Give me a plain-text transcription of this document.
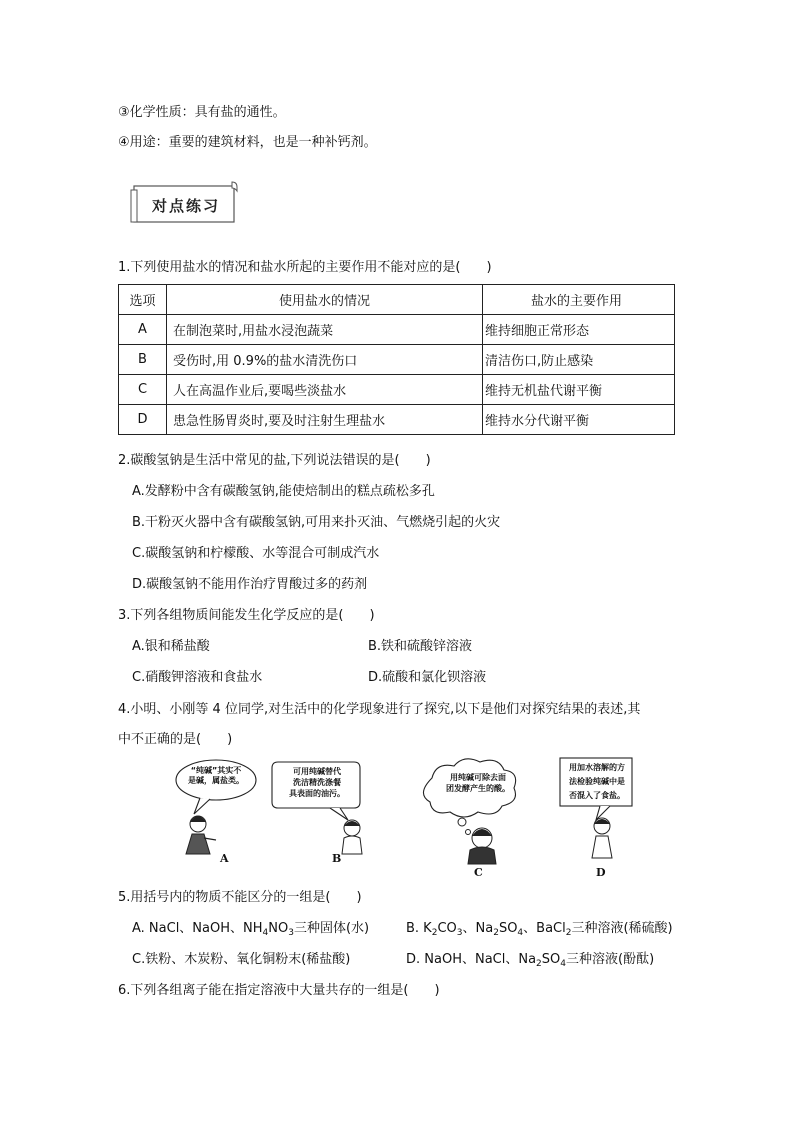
③化学性质：具有盐的通性。
④用途：重要的建筑材料，也是一种补钙剂。
对点练习
1.下列使用盐水的情况和盐水所起的主要作用不能对应的是(　　)
选项	使用盐水的情况	盐水的主要作用
A	在制泡菜时,用盐水浸泡蔬菜	维持细胞正常形态
B	受伤时,用 0.9%的盐水清洗伤口	清洁伤口,防止感染
C	人在高温作业后,要喝些淡盐水	维持无机盐代谢平衡
D	患急性肠胃炎时,要及时注射生理盐水	维持水分代谢平衡
2.碳酸氢钠是生活中常见的盐,下列说法错误的是(　　)
A.发酵粉中含有碳酸氢钠,能使焙制出的糕点疏松多孔
B.干粉灭火器中含有碳酸氢钠,可用来扑灭油、气燃烧引起的火灾
C.碳酸氢钠和柠檬酸、水等混合可制成汽水
D.碳酸氢钠不能用作治疗胃酸过多的药剂
3.下列各组物质间能发生化学反应的是(　　)
A.银和稀盐酸	B.铁和硫酸锌溶液
C.硝酸钾溶液和食盐水	D.硫酸和氯化钡溶液
4.小明、小刚等 4 位同学,对生活中的化学现象进行了探究,以下是他们对探究结果的表述,其
中不正确的是(　　)
“纯碱”其实不
是碱，属盐类。
可用纯碱替代
洗洁精洗涤餐
具表面的油污。
用纯碱可除去面
团发酵产生的酸。
用加水溶解的方
法检验纯碱中是
否混入了食盐。
A	B
C	D
5.用括号内的物质不能区分的一组是(　　)
A. NaCl、NaOH、$NH_4NO_3$三种固体(水)	B. $K_2CO_3$、$Na_2SO_4$、BaCl$_2$三种溶液(稀硫酸)
C.铁粉、木炭粉、氧化铜粉末(稀盐酸)	D. NaOH、NaCl、$Na_2SO_4$三种溶液(酚酞)
6.下列各组离子能在指定溶液中大量共存的一组是(　　)
